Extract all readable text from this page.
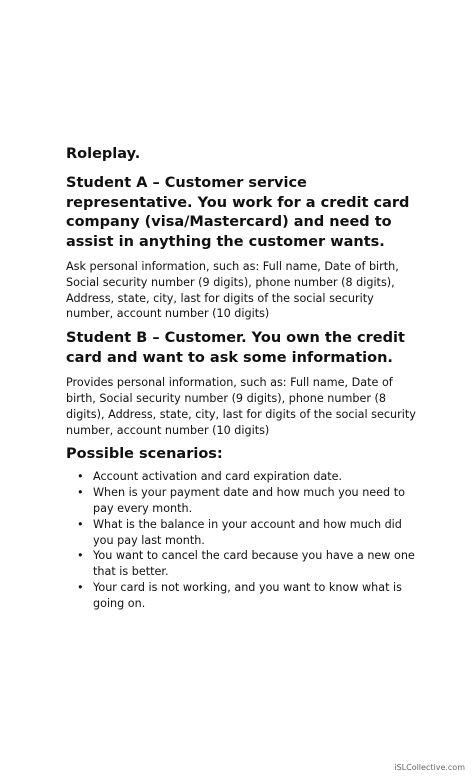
Roleplay.
Student A – Customer service representative. You work for a credit card company (visa/Mastercard) and need to assist in anything the customer wants.
Ask personal information, such as: Full name, Date of birth, Social security number (9 digits), phone number (8 digits), Address, state, city, last for digits of the social security number, account number (10 digits)
Student B – Customer. You own the credit card and want to ask some information.
Provides personal information, such as: Full name, Date of birth, Social security number (9 digits), phone number (8 digits), Address, state, city, last for digits of the social security number, account number (10 digits)
Possible scenarios:
• Account activation and card expiration date.
• When is your payment date and how much you need to pay every month.
• What is the balance in your account and how much did you pay last month.
• You want to cancel the card because you have a new one that is better.
• Your card is not working, and you want to know what is going on.
iSLCollective.com
